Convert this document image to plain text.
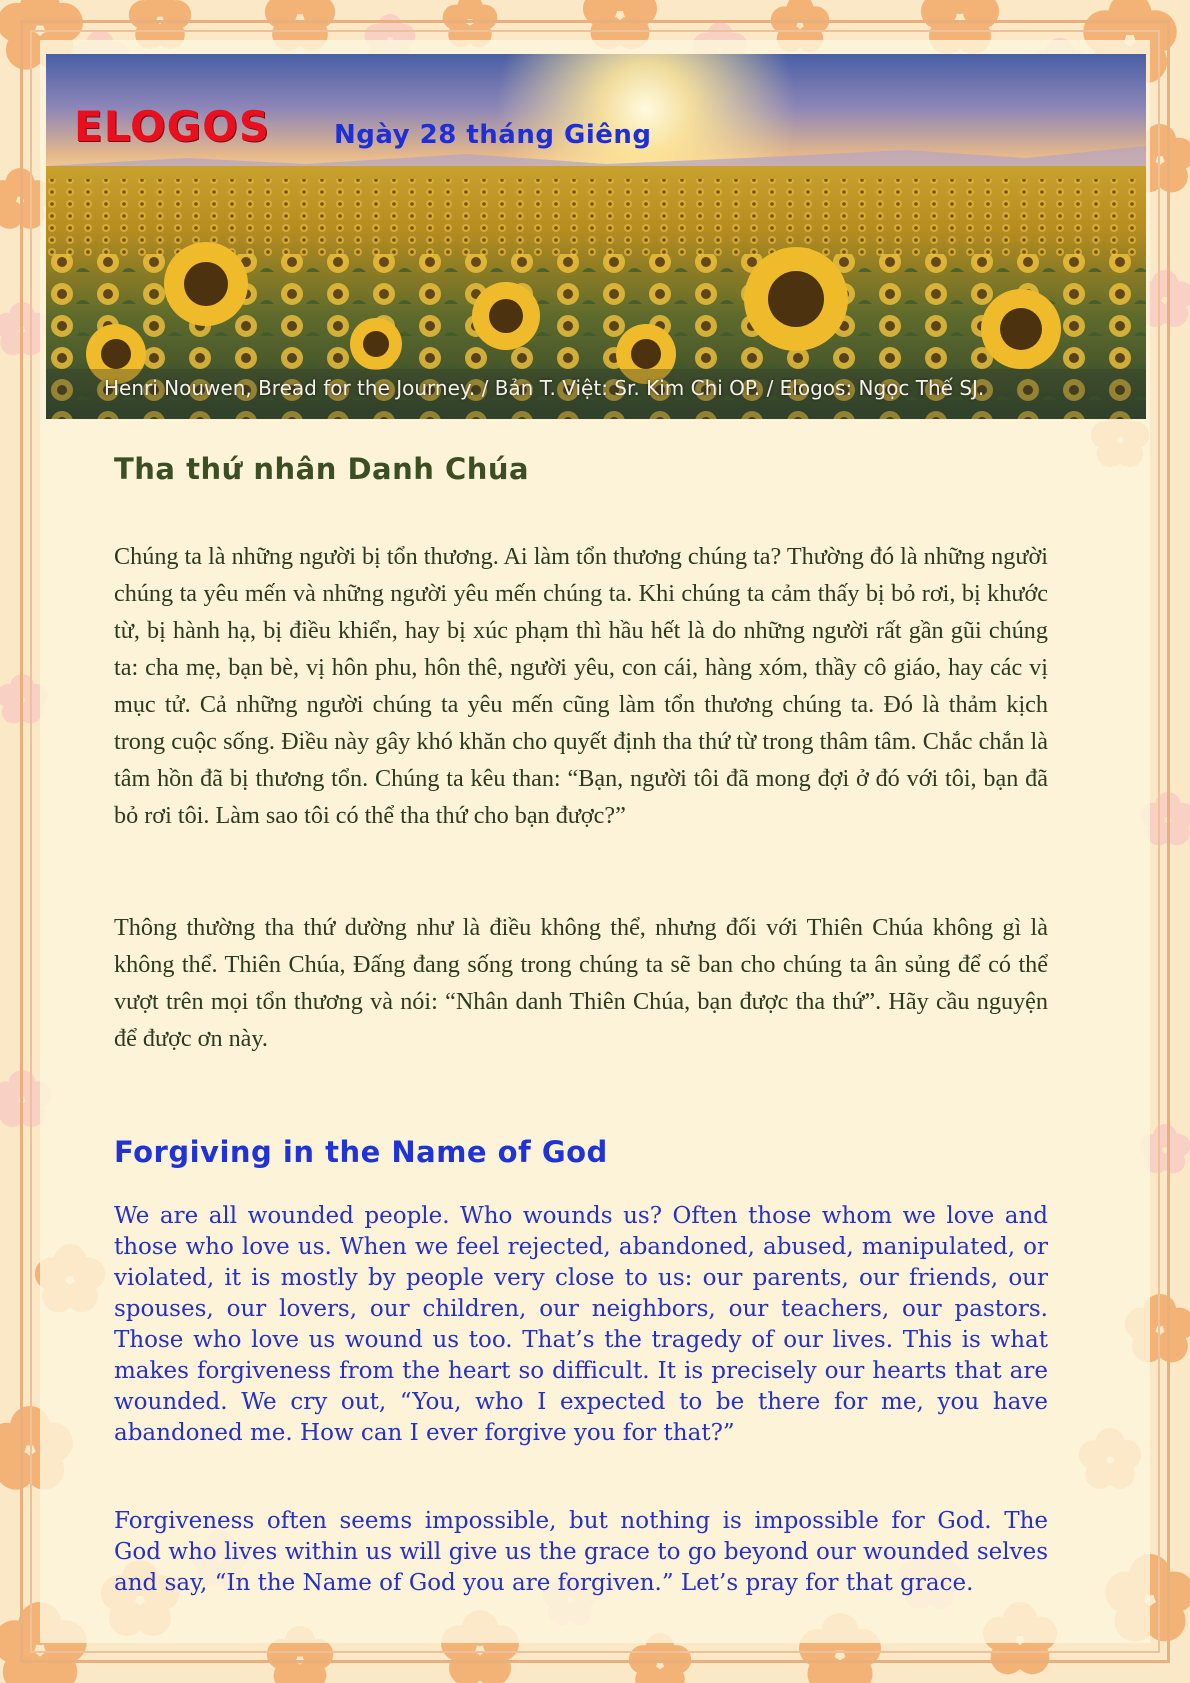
ELOGOS Ngày 28 tháng Giêng
Henri Nouwen, Bread for the Journey. / Bản T. Việt: Sr. Kim Chi OP. / Elogos: Ngọc Thế SJ.
Tha thứ nhân Danh Chúa

Chúng ta là những người bị tổn thương. Ai làm tổn thương chúng ta? Thường đó là những người chúng ta yêu mến và những người yêu mến chúng ta. Khi chúng ta cảm thấy bị bỏ rơi, bị khước từ, bị hành hạ, bị điều khiển, hay bị xúc phạm thì hầu hết là do những người rất gần gũi chúng ta: cha mẹ, bạn bè, vị hôn phu, hôn thê, người yêu, con cái, hàng xóm, thầy cô giáo, hay các vị mục tử. Cả những người chúng ta yêu mến cũng làm tổn thương chúng ta. Đó là thảm kịch trong cuộc sống. Điều này gây khó khăn cho quyết định tha thứ từ trong thâm tâm. Chắc chắn là tâm hồn đã bị thương tổn. Chúng ta kêu than: “Bạn, người tôi đã mong đợi ở đó với tôi, bạn đã bỏ rơi tôi. Làm sao tôi có thể tha thứ cho bạn được?”

Thông thường tha thứ dường như là điều không thể, nhưng đối với Thiên Chúa không gì là không thể. Thiên Chúa, Đấng đang sống trong chúng ta sẽ ban cho chúng ta ân sủng để có thể vượt trên mọi tổn thương và nói: “Nhân danh Thiên Chúa, bạn được tha thứ”. Hãy cầu nguyện để được ơn này.

Forgiving in the Name of God

We are all wounded people. Who wounds us? Often those whom we love and those who love us. When we feel rejected, abandoned, abused, manipulated, or violated, it is mostly by people very close to us: our parents, our friends, our spouses, our lovers, our children, our neighbors, our teachers, our pastors. Those who love us wound us too. That’s the tragedy of our lives. This is what makes forgiveness from the heart so difficult. It is precisely our hearts that are wounded. We cry out, “You, who I expected to be there for me, you have abandoned me. How can I ever forgive you for that?”

Forgiveness often seems impossible, but nothing is impossible for God. The God who lives within us will give us the grace to go beyond our wounded selves and say, “In the Name of God you are forgiven.” Let’s pray for that grace.
